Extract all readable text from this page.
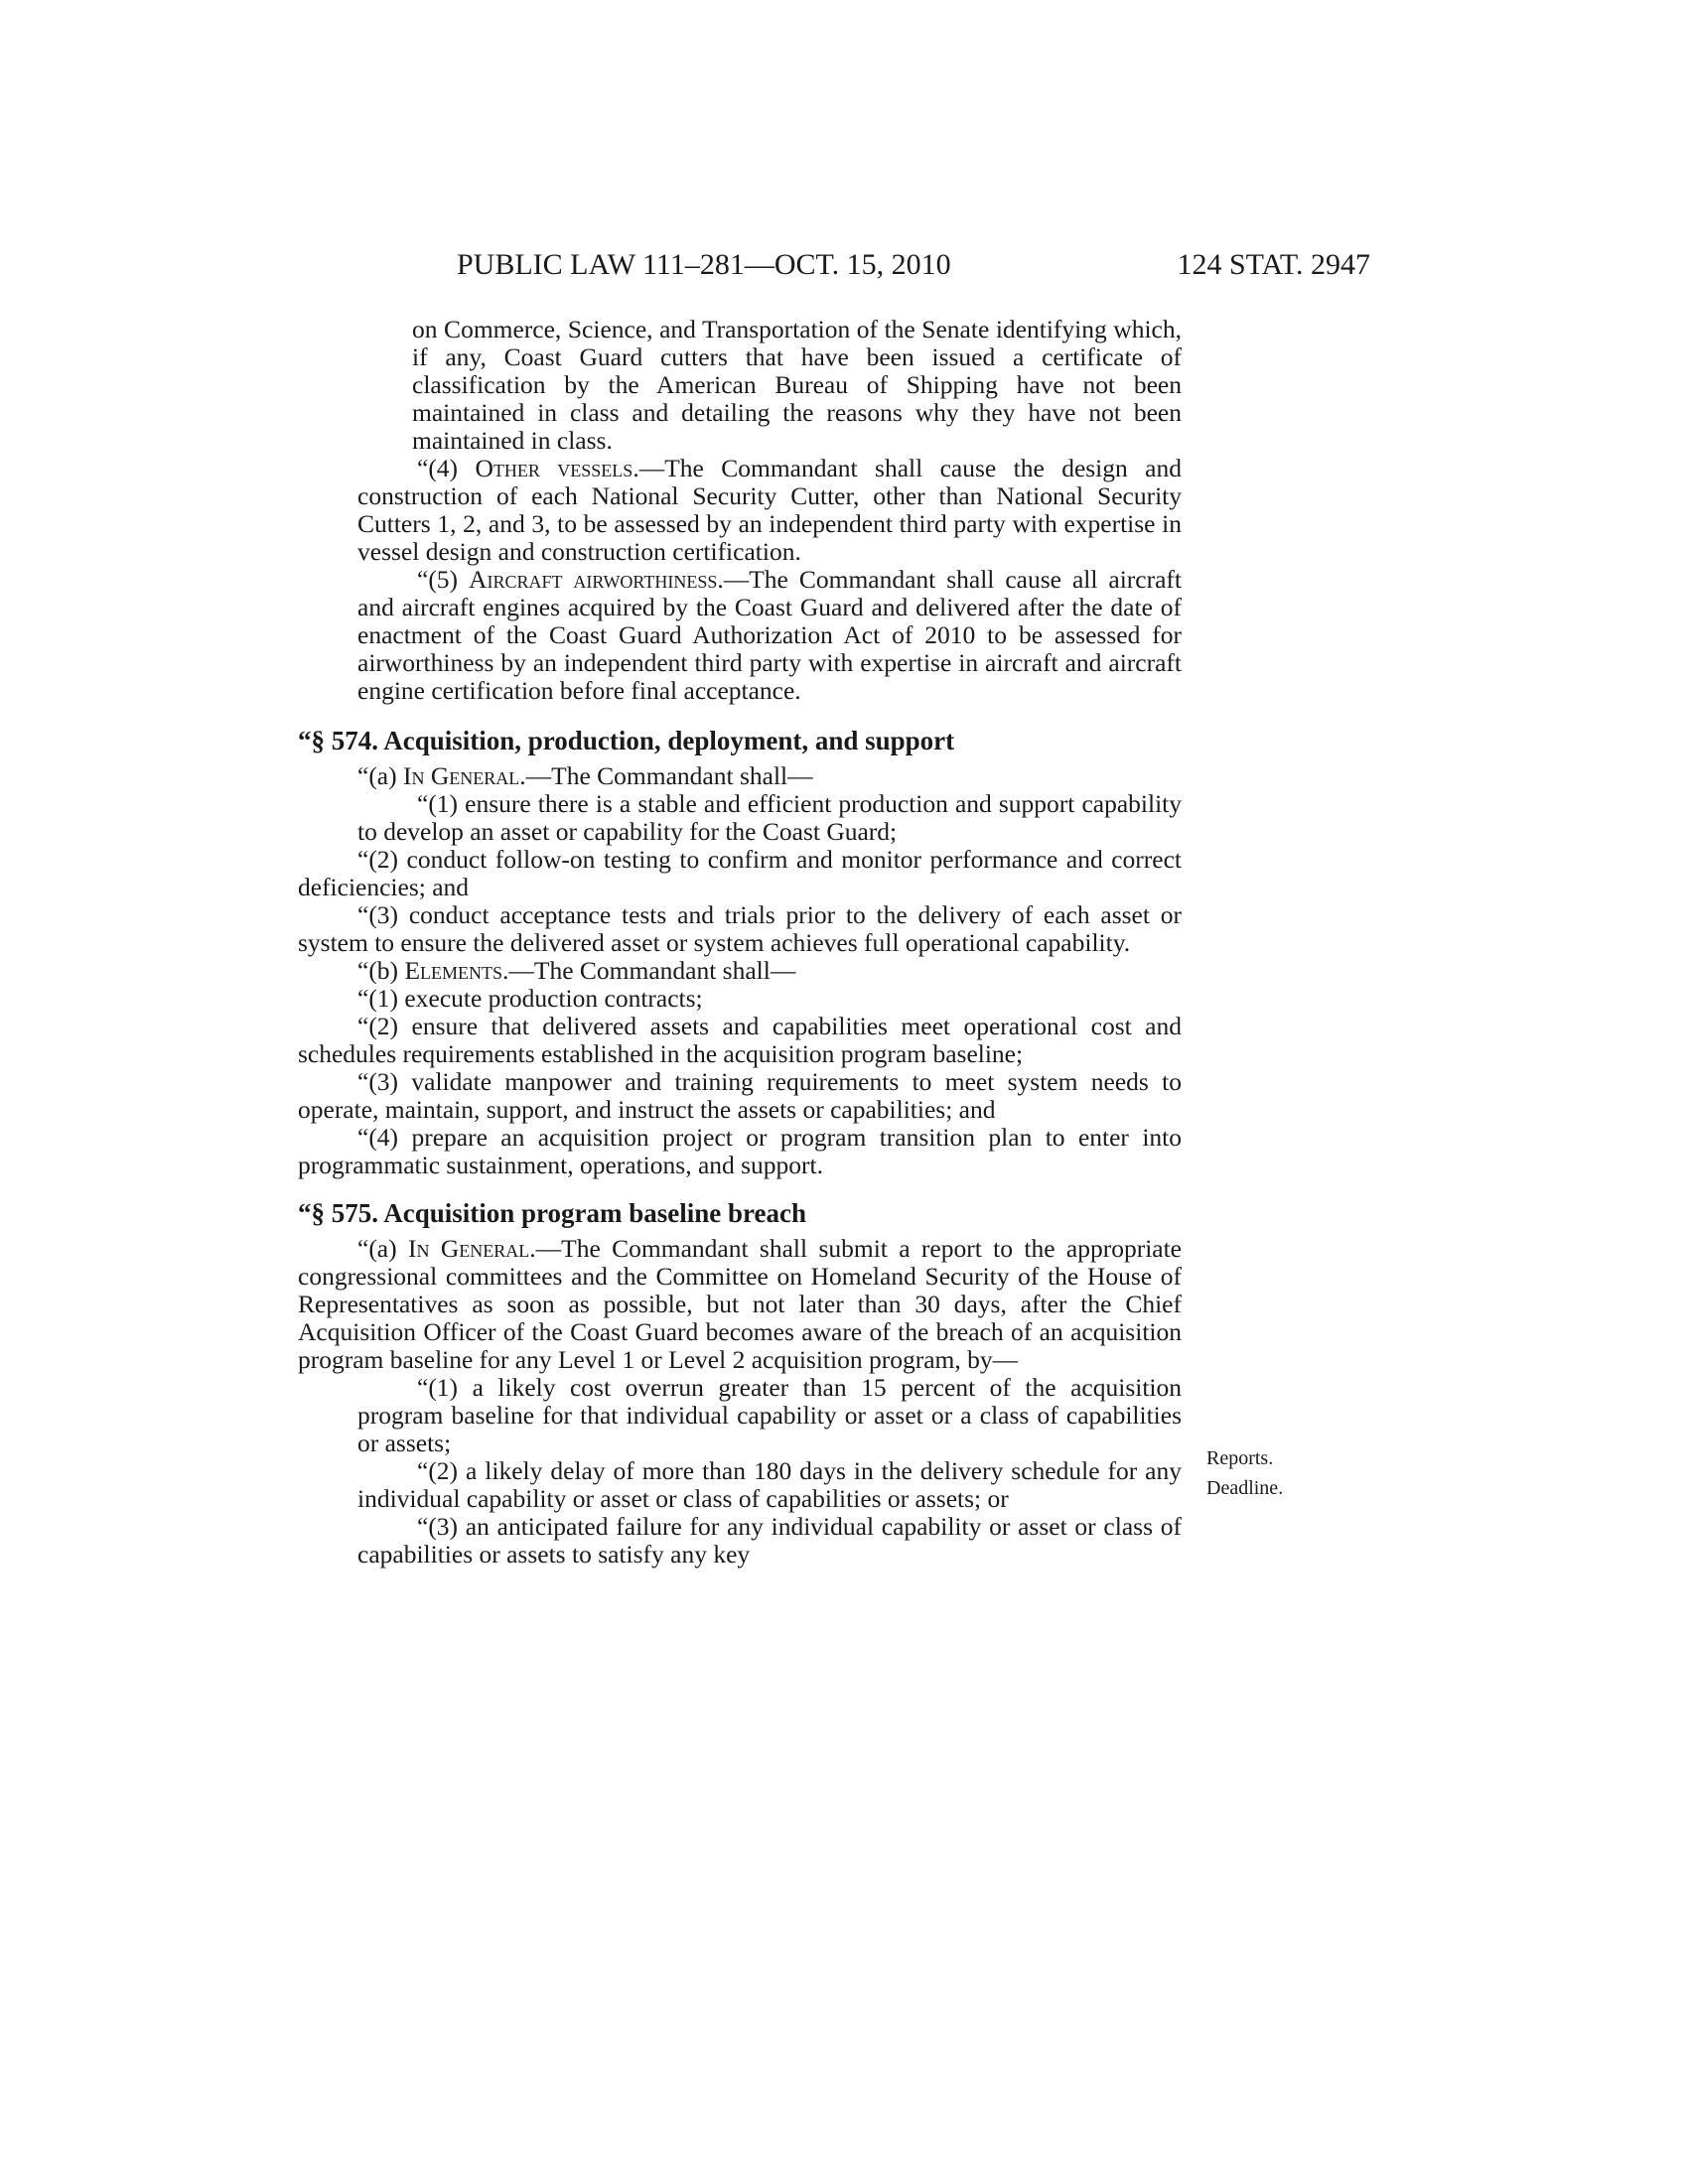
PUBLIC LAW 111–281—OCT. 15, 2010	124 STAT. 2947
on Commerce, Science, and Transportation of the Senate identifying which, if any, Coast Guard cutters that have been issued a certificate of classification by the American Bureau of Shipping have not been maintained in class and detailing the reasons why they have not been maintained in class.
“(4) Other vessels.—The Commandant shall cause the design and construction of each National Security Cutter, other than National Security Cutters 1, 2, and 3, to be assessed by an independent third party with expertise in vessel design and construction certification.
“(5) Aircraft airworthiness.—The Commandant shall cause all aircraft and aircraft engines acquired by the Coast Guard and delivered after the date of enactment of the Coast Guard Authorization Act of 2010 to be assessed for airworthiness by an independent third party with expertise in aircraft and aircraft engine certification before final acceptance.
“§ 574. Acquisition, production, deployment, and support
“(a) In General.—The Commandant shall—
“(1) ensure there is a stable and efficient production and support capability to develop an asset or capability for the Coast Guard;
“(2) conduct follow-on testing to confirm and monitor performance and correct deficiencies; and
“(3) conduct acceptance tests and trials prior to the delivery of each asset or system to ensure the delivered asset or system achieves full operational capability.
“(b) Elements.—The Commandant shall—
“(1) execute production contracts;
“(2) ensure that delivered assets and capabilities meet operational cost and schedules requirements established in the acquisition program baseline;
“(3) validate manpower and training requirements to meet system needs to operate, maintain, support, and instruct the assets or capabilities; and
“(4) prepare an acquisition project or program transition plan to enter into programmatic sustainment, operations, and support.
“§ 575. Acquisition program baseline breach
“(a) In General.—The Commandant shall submit a report to the appropriate congressional committees and the Committee on Homeland Security of the House of Representatives as soon as possible, but not later than 30 days, after the Chief Acquisition Officer of the Coast Guard becomes aware of the breach of an acquisition program baseline for any Level 1 or Level 2 acquisition program, by—
“(1) a likely cost overrun greater than 15 percent of the acquisition program baseline for that individual capability or asset or a class of capabilities or assets;
“(2) a likely delay of more than 180 days in the delivery schedule for any individual capability or asset or class of capabilities or assets; or
“(3) an anticipated failure for any individual capability or asset or class of capabilities or assets to satisfy any key
Reports.
Deadline.
